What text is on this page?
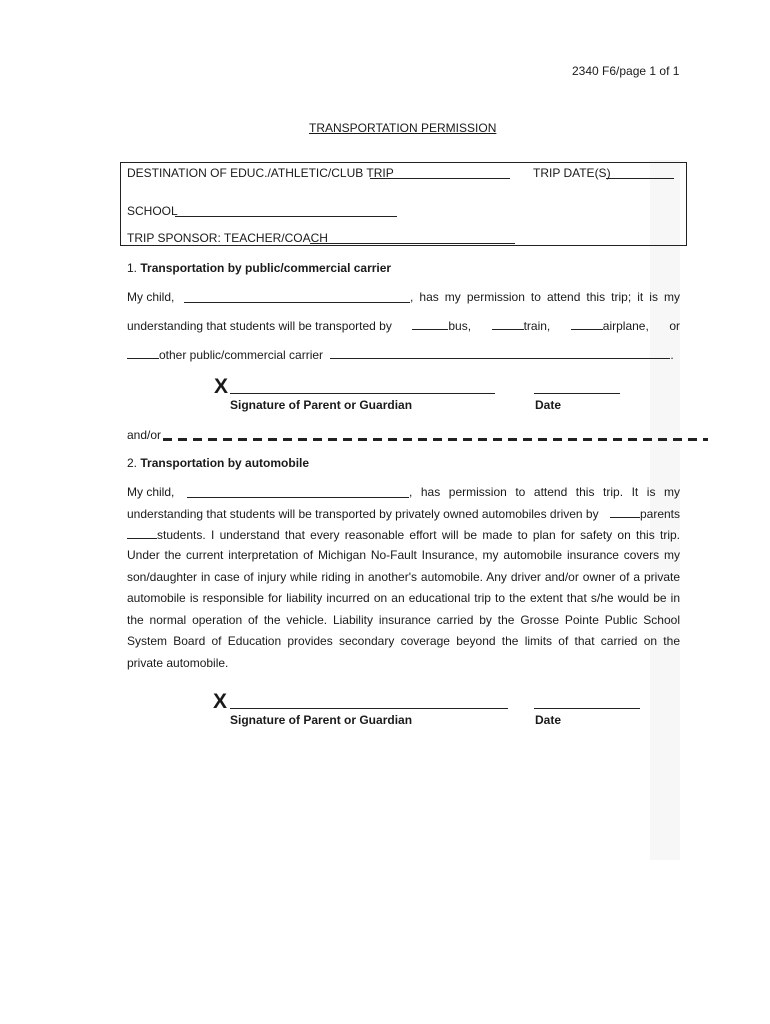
2340 F6/page 1 of 1
TRANSPORTATION PERMISSION
DESTINATION OF EDUC./ATHLETIC/CLUB TRIP	TRIP DATE(S)
SCHOOL
TRIP SPONSOR: TEACHER/COACH
1. Transportation by public/commercial carrier
My child,	, has my permission to attend this trip; it is my
understanding that students will be transported by	bus,	train,	airplane, or
other public/commercial carrier	.
X
Signature of Parent or Guardian	Date
and/or
2. Transportation by automobile
My child,	, has permission to attend this trip. It is my
understanding that students will be transported by privately owned automobiles driven by	parents
students. I understand that every reasonable effort will be made to plan for safety on this trip.
Under the current interpretation of Michigan No-Fault Insurance, my automobile insurance covers my
son/daughter in case of injury while riding in another's automobile. Any driver and/or owner of a private
automobile is responsible for liability incurred on an educational trip to the extent that s/he would be in
the normal operation of the vehicle. Liability insurance carried by the Grosse Pointe Public School
System Board of Education provides secondary coverage beyond the limits of that carried on the
private automobile.
X
Signature of Parent or Guardian	Date
